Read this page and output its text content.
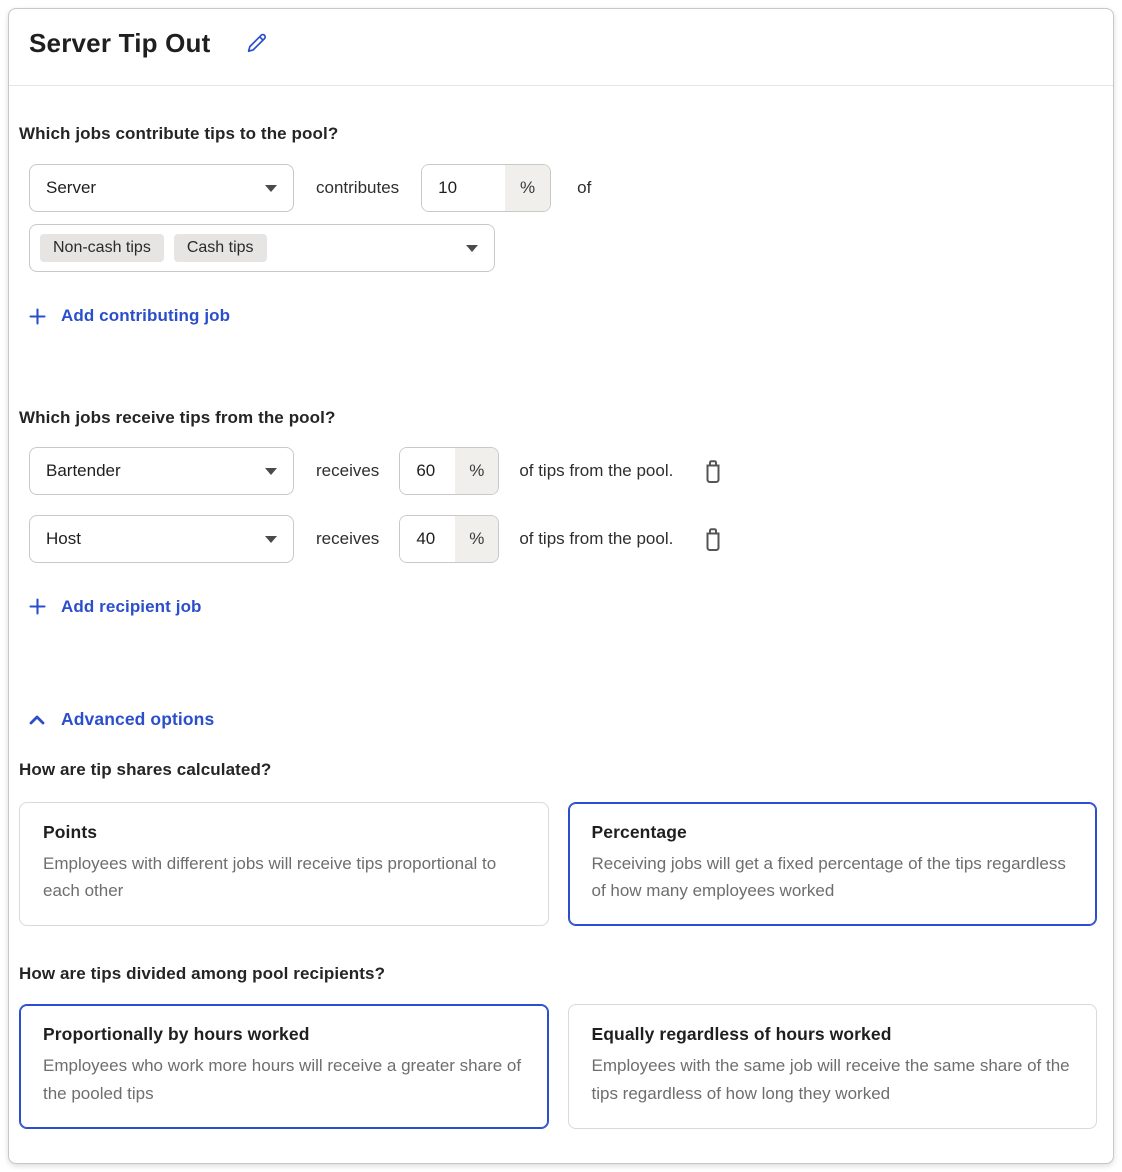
Server Tip Out
Which jobs contribute tips to the pool?
Server	contributes
10	%	of
Non-cash tips	Cash tips
Add contributing job
Which jobs receive tips from the pool?
Bartender	receives
60	%	of tips from the pool.
Host	receives
40	%	of tips from the pool.
Add recipient job
Advanced options
How are tip shares calculated?
Points
Employees with different jobs will receive tips proportional to each other
Percentage
Receiving jobs will get a fixed percentage of the tips regardless of how many employees worked
How are tips divided among pool recipients?
Proportionally by hours worked
Employees who work more hours will receive a greater share of the pooled tips
Equally regardless of hours worked
Employees with the same job will receive the same share of the tips regardless of how long they worked
